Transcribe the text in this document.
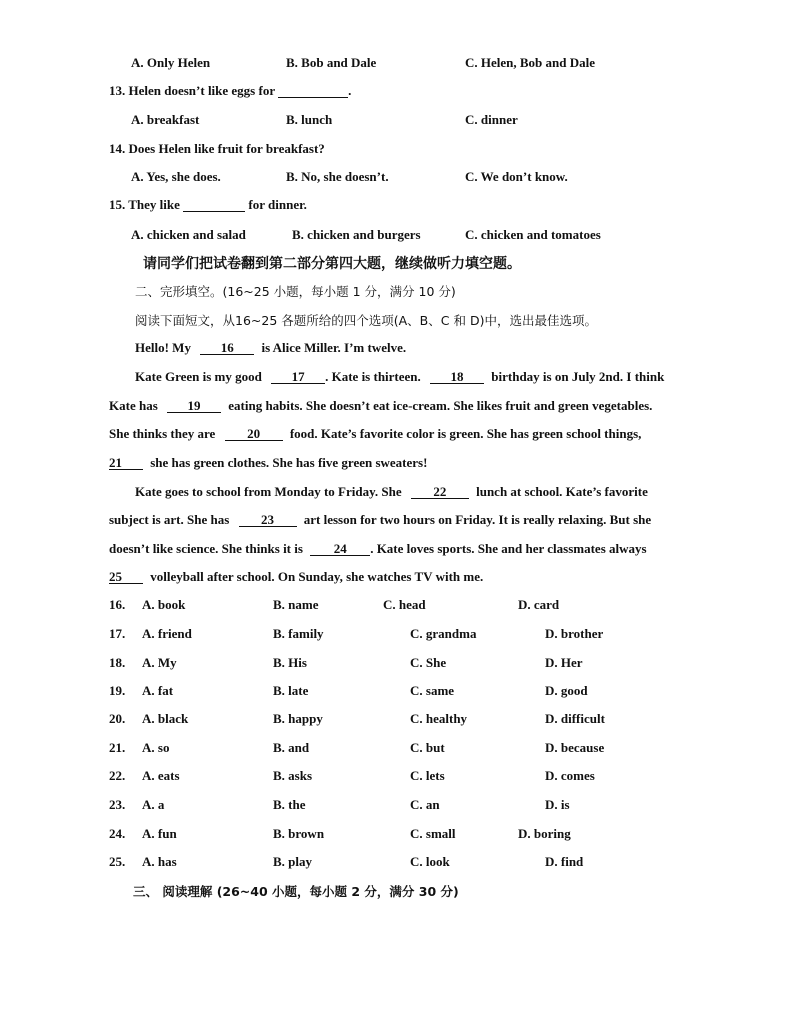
A. Only Helen	B. Bob and Dale	C. Helen, Bob and Dale
13. Helen doesn’t like eggs for	.
A. breakfast	B. lunch	C. dinner
14. Does Helen like fruit for breakfast?
A. Yes, she does.	B. No, she doesn’t.	C. We don’t know.
15. They like	for dinner.
A. chicken and salad	B. chicken and burgers	C. chicken and tomatoes
请同学们把试卷翻到第二部分第四大题，继续做听力填空题。
二、完形填空。(16~25 小题，每小题 1 分，满分 10 分)
阅读下面短文，从16~25 各题所给的四个选项(A、B、C 和 D)中，选出最佳选项。
Hello! My 16 is Alice Miller. I’m twelve.
Kate Green is my good 17 . Kate is thirteen. 18 birthday is on July 2nd. I think
Kate has 19 eating habits. She doesn’t eat ice-cream. She likes fruit and green vegetables.
She thinks they are 20 food. Kate’s favorite color is green. She has green school things,
21 she has green clothes. She has five green sweaters!
Kate goes to school from Monday to Friday. She 22 lunch at school. Kate’s favorite
subject is art. She has 23 art lesson for two hours on Friday. It is really relaxing. But she
doesn’t like science. She thinks it is 24 . Kate loves sports. She and her classmates always
25 volleyball after school. On Sunday, she watches TV with me.
16. A. book	B. name	C. head	D. card
17. A. friend	B. family	C. grandma	D. brother
18. A. My	B. His	C. She	D. Her
19. A. fat	B. late	C. same	D. good
20. A. black	B. happy	C. healthy	D. difficult
21. A. so	B. and	C. but	D. because
22. A. eats	B. asks	C. lets	D. comes
23. A. a	B. the	C. an	D. is
24. A. fun	B. brown	C. small	D. boring
25. A. has	B. play	C. look	D. find
三、 阅读理解 (26~40 小题，每小题 2 分，满分 30 分)
